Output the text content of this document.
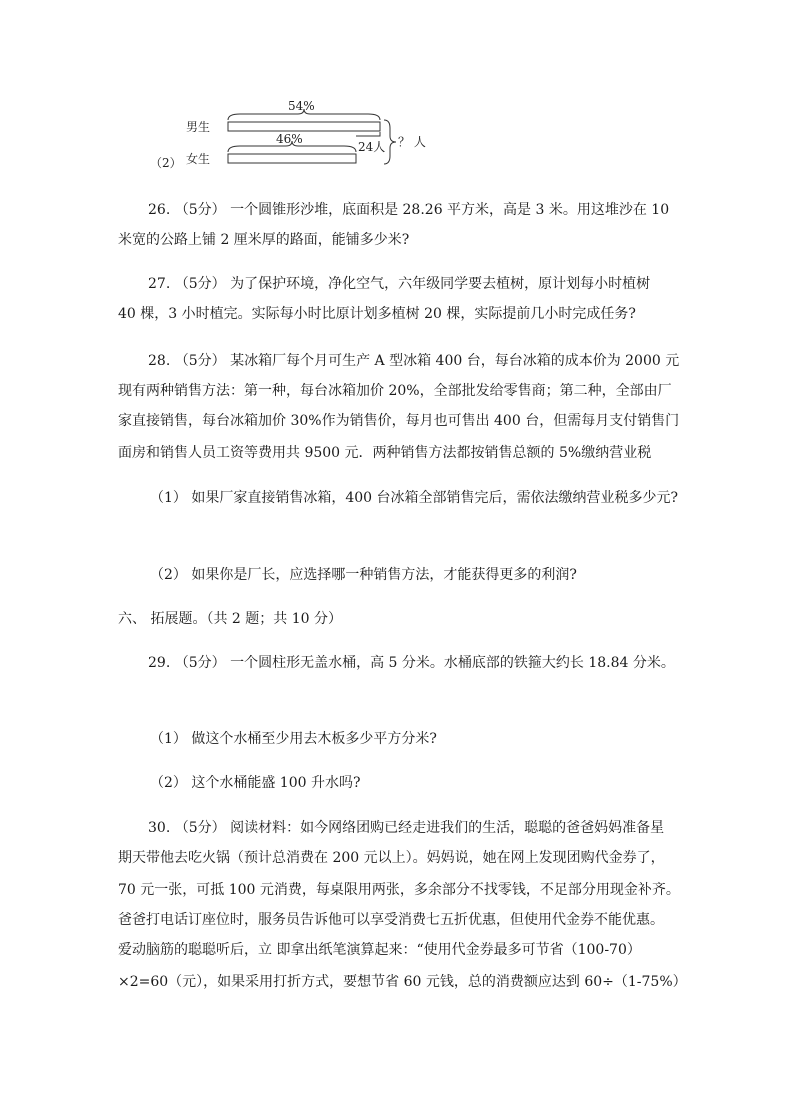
54%
46%
男生
女生
（2）
24人 ？ 人
26. （5分） 一个圆锥形沙堆，底面积是 28.26 平方米，高是 3 米。用这堆沙在 10
米宽的公路上铺 2 厘米厚的路面，能铺多少米?
27. （5分） 为了保护环境，净化空气，六年级同学要去植树，原计划每小时植树
40 棵，3 小时植完。实际每小时比原计划多植树 20 棵，实际提前几小时完成任务?
28. （5分） 某冰箱厂每个月可生产 A 型冰箱 400 台，每台冰箱的成本价为 2000 元
现有两种销售方法：第一种，每台冰箱加价 20%，全部批发给零售商；第二种，全部由厂
家直接销售，每台冰箱加价 30%作为销售价，每月也可售出 400 台，但需每月支付销售门
面房和销售人员工资等费用共 9500 元．两种销售方法都按销售总额的 5%缴纳营业税
（1） 如果厂家直接销售冰箱，400 台冰箱全部销售完后，需依法缴纳营业税多少元?
（2） 如果你是厂长，应选择哪一种销售方法，才能获得更多的利润?
六、 拓展题。（共 2 题；共 10 分）
29. （5分） 一个圆柱形无盖水桶，高 5 分米。水桶底部的铁箍大约长 18.84 分米。
（1） 做这个水桶至少用去木板多少平方分米?
（2） 这个水桶能盛 100 升水吗?
30. （5分） 阅读材料：如今网络团购已经走进我们的生活，聪聪的爸爸妈妈准备星
期天带他去吃火锅（预计总消费在 200 元以上）。妈妈说，她在网上发现团购代金券了，
70 元一张，可抵 100 元消费，每桌限用两张，多余部分不找零钱，不足部分用现金补齐。
爸爸打电话订座位时，服务员告诉他可以享受消费七五折优惠，但使用代金券不能优惠。
爱动脑筋的聪聪听后，立 即拿出纸笔演算起来：“使用代金券最多可节省（100-70）
×2=60（元），如果采用打折方式，要想节省 60 元钱，总的消费额应达到 60÷（1-75%）
